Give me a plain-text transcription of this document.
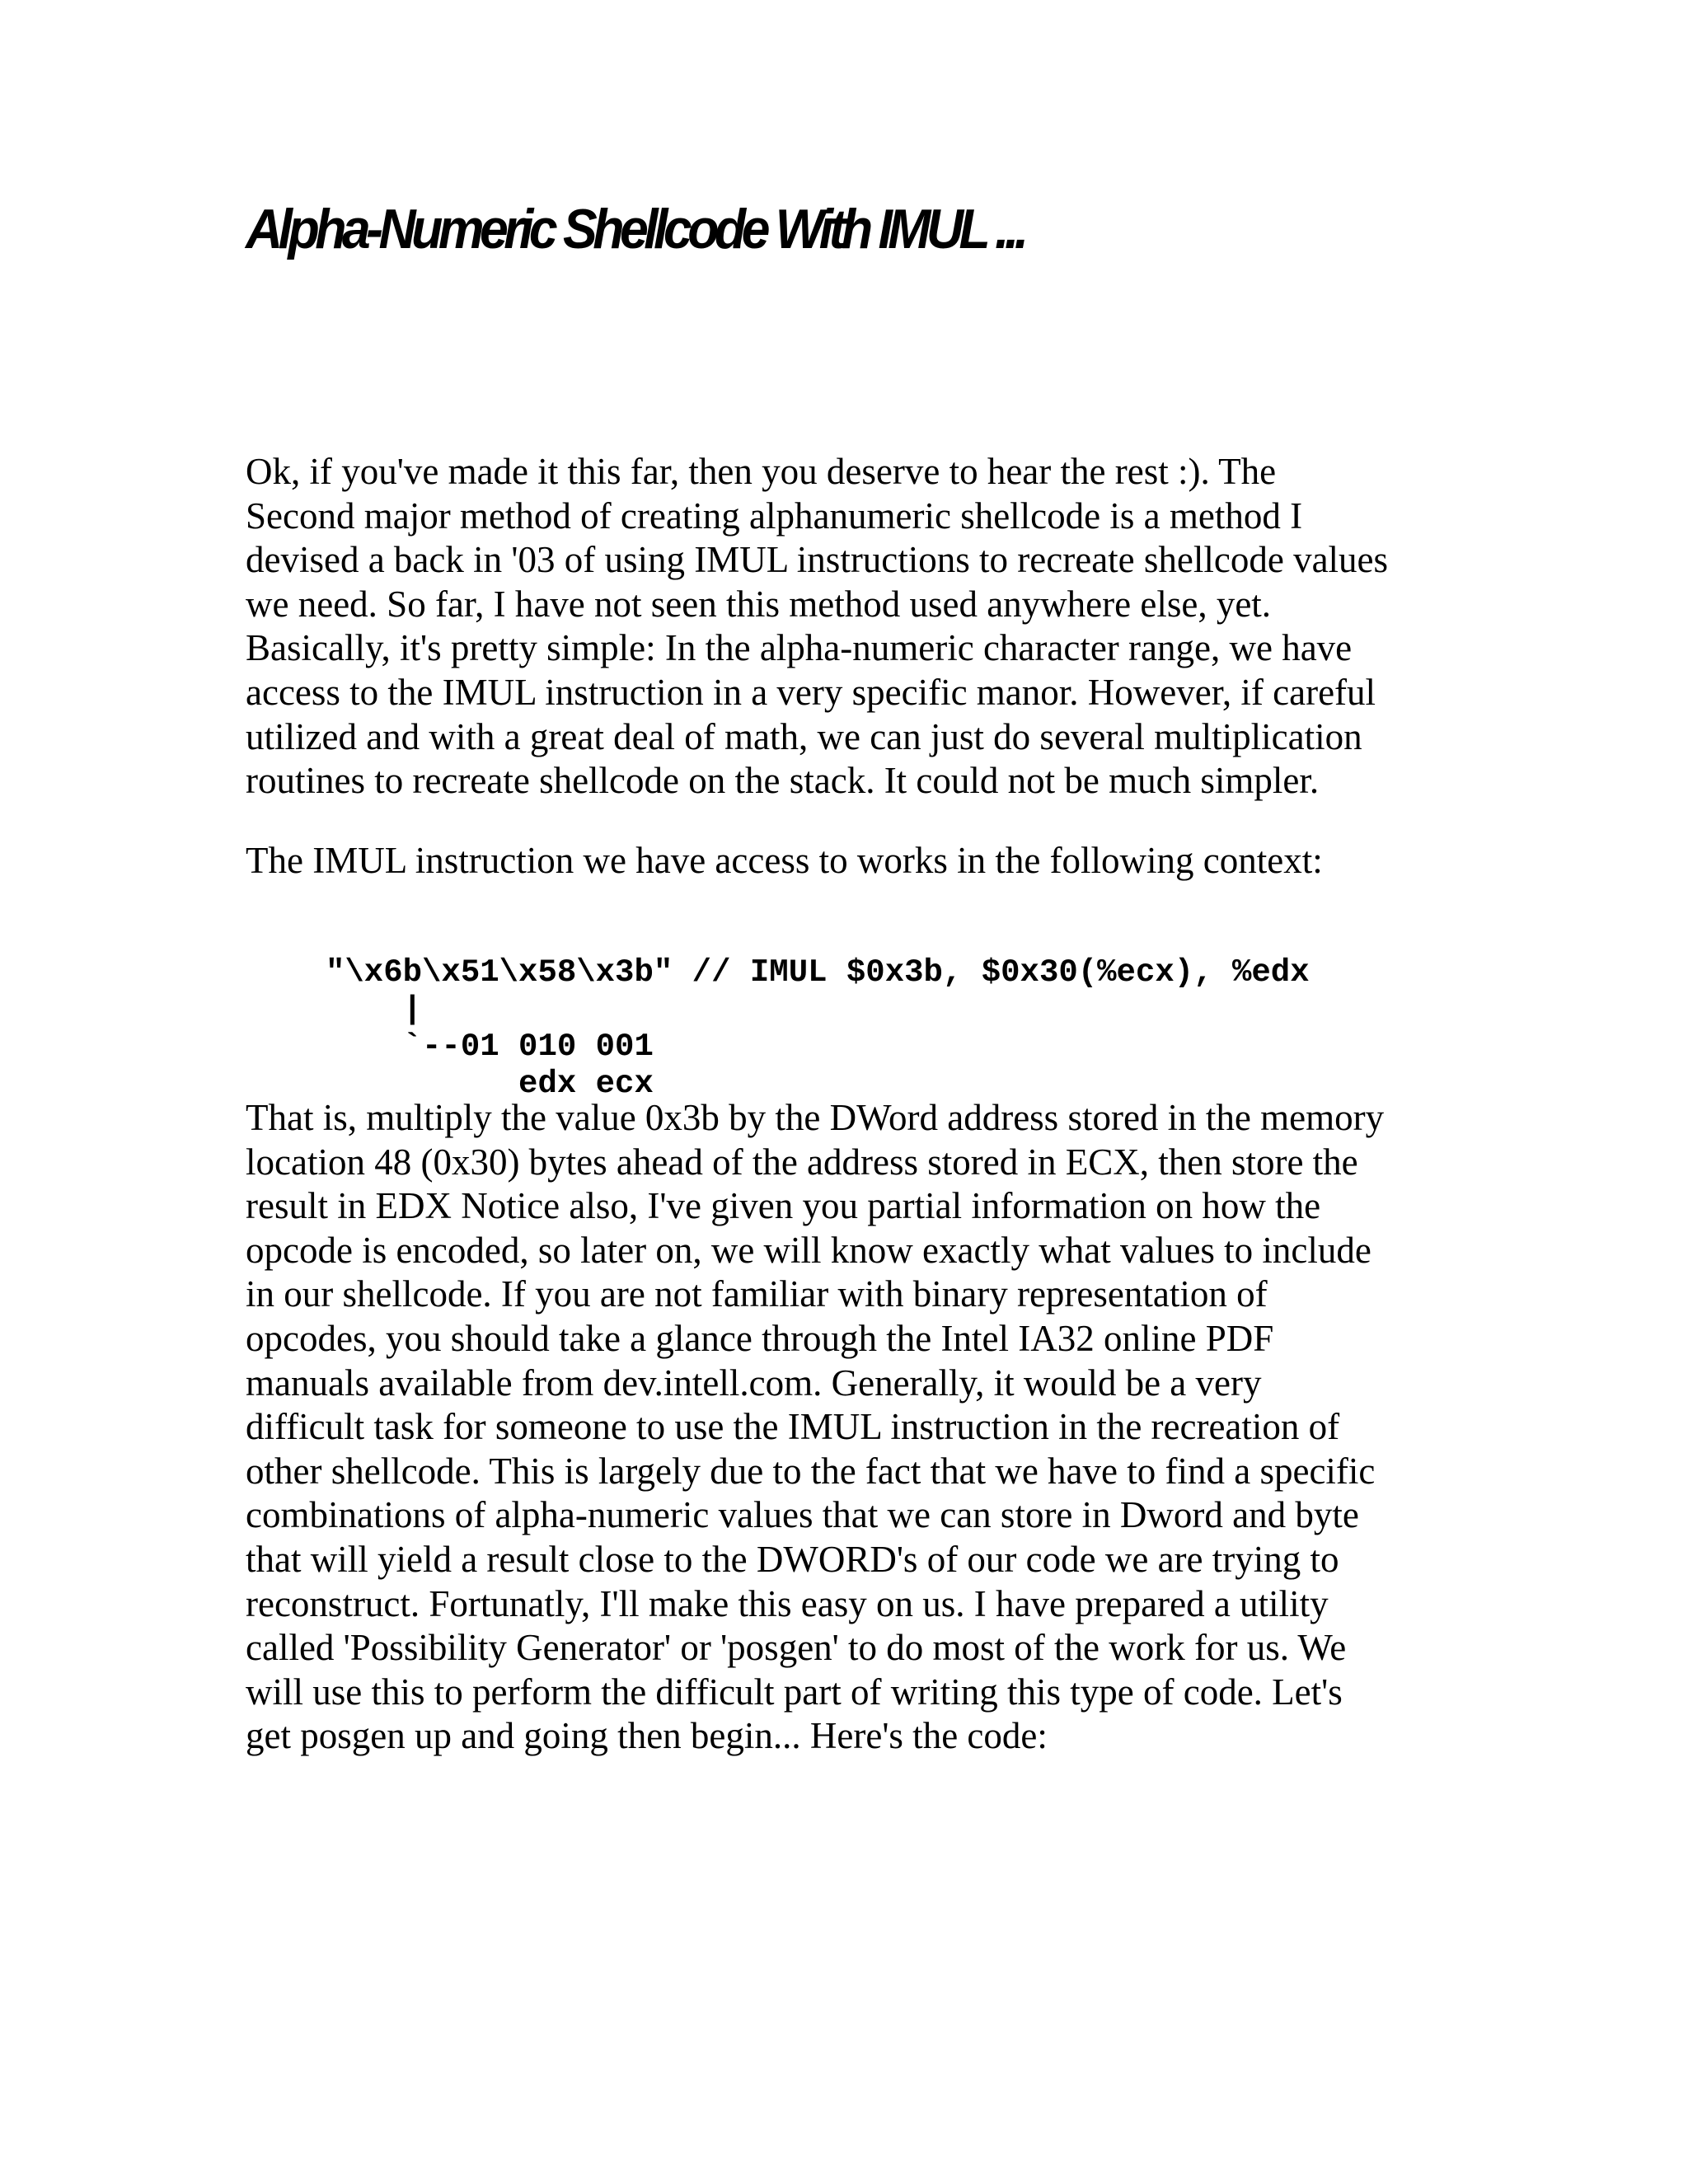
Alpha-Numeric Shellcode With IMUL ...

Ok, if you've made it this far, then you deserve to hear the rest :). The
Second major method of creating alphanumeric shellcode is a method I
devised a back in '03 of using IMUL instructions to recreate shellcode values
we need. So far, I have not seen this method used anywhere else, yet.
Basically, it's pretty simple: In the alpha-numeric character range, we have
access to the IMUL instruction in a very specific manor. However, if careful
utilized and with a great deal of math, we can just do several multiplication
routines to recreate shellcode on the stack. It could not be much simpler.

The IMUL instruction we have access to works in the following context:

"\x6b\x51\x58\x3b" // IMUL $0x3b, $0x30(%ecx), %edx
|
`--01 010 001
edx ecx

That is, multiply the value 0x3b by the DWord address stored in the memory
location 48 (0x30) bytes ahead of the address stored in ECX, then store the
result in EDX Notice also, I've given you partial information on how the
opcode is encoded, so later on, we will know exactly what values to include
in our shellcode. If you are not familiar with binary representation of
opcodes, you should take a glance through the Intel IA32 online PDF
manuals available from dev.intell.com. Generally, it would be a very
difficult task for someone to use the IMUL instruction in the recreation of
other shellcode. This is largely due to the fact that we have to find a specific
combinations of alpha-numeric values that we can store in Dword and byte
that will yield a result close to the DWORD's of our code we are trying to
reconstruct. Fortunatly, I'll make this easy on us. I have prepared a utility
called 'Possibility Generator' or 'posgen' to do most of the work for us. We
will use this to perform the difficult part of writing this type of code. Let's
get posgen up and going then begin... Here's the code:
